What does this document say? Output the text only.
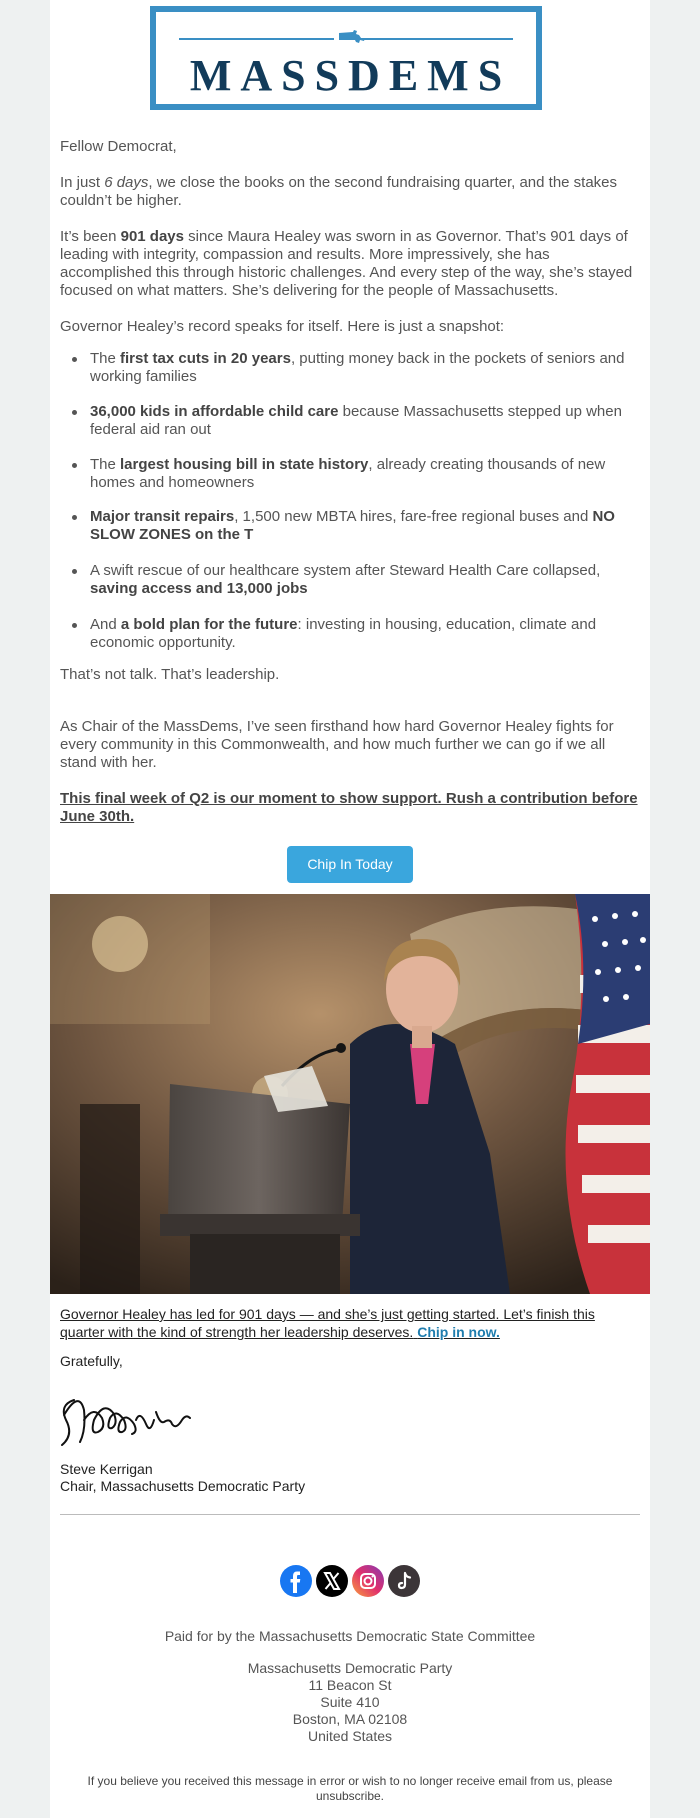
MASSDEMS
Fellow Democrat,
In just 6 days, we close the books on the second fundraising quarter, and the stakes couldn’t be higher.
It’s been 901 days since Maura Healey was sworn in as Governor. That’s 901 days of leading with integrity, compassion and results. More impressively, she has accomplished this through historic challenges. And every step of the way, she’s stayed focused on what matters. She’s delivering for the people of Massachusetts.
Governor Healey’s record speaks for itself. Here is just a snapshot:
The first tax cuts in 20 years, putting money back in the pockets of seniors and working families
36,000 kids in affordable child care because Massachusetts stepped up when federal aid ran out
The largest housing bill in state history, already creating thousands of new homes and homeowners
Major transit repairs, 1,500 new MBTA hires, fare-free regional buses and NO SLOW ZONES on the T
A swift rescue of our healthcare system after Steward Health Care collapsed, saving access and 13,000 jobs
And a bold plan for the future: investing in housing, education, climate and economic opportunity.
That’s not talk. That’s leadership.
As Chair of the MassDems, I’ve seen firsthand how hard Governor Healey fights for every community in this Commonwealth, and how much further we can go if we all stand with her.
This final week of Q2 is our moment to show support. Rush a contribution before June 30th.
Chip In Today
Governor Healey has led for 901 days — and she’s just getting started. Let’s finish this quarter with the kind of strength her leadership deserves. Chip in now.
Gratefully,
Steve Kerrigan
Chair, Massachusetts Democratic Party
Paid for by the Massachusetts Democratic State Committee
Massachusetts Democratic Party
11 Beacon St
Suite 410
Boston, MA 02108
United States
If you believe you received this message in error or wish to no longer receive email from us, please unsubscribe.
